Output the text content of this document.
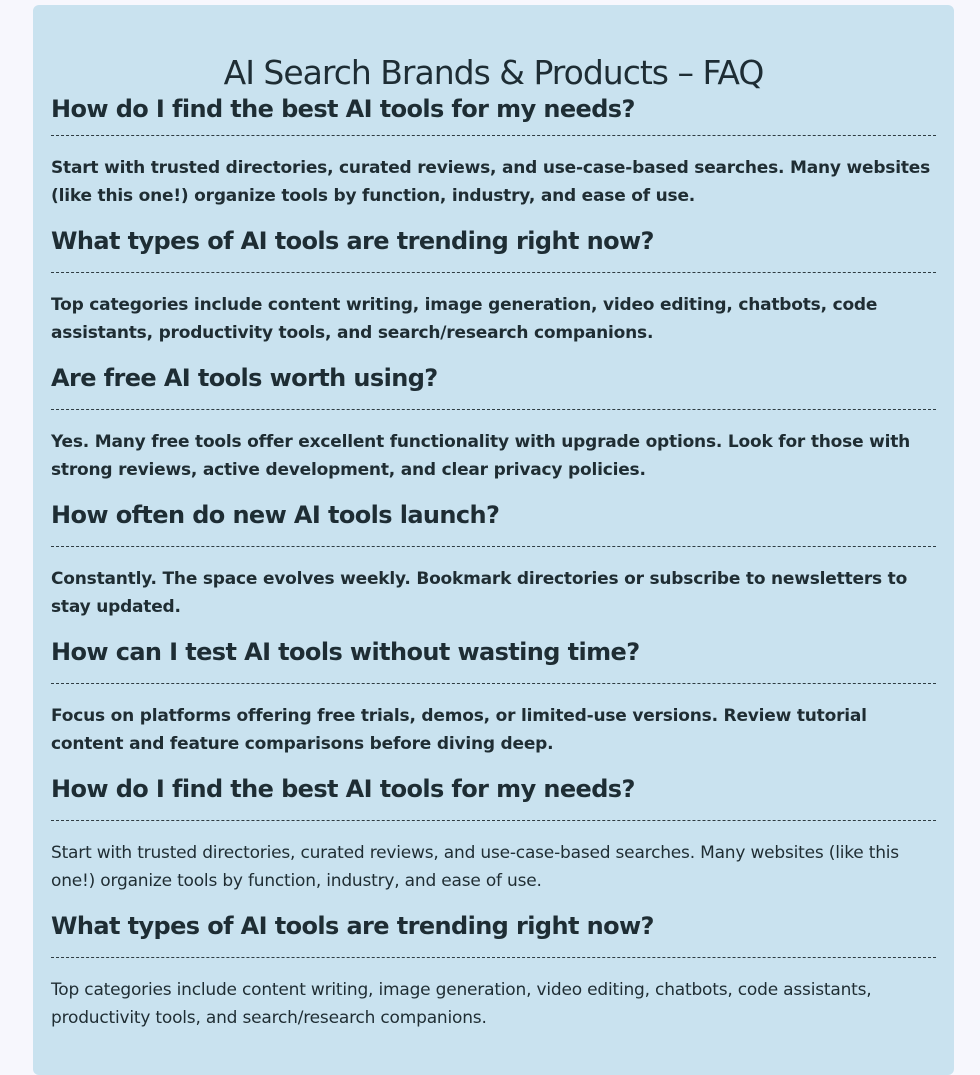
AI Search Brands & Products – FAQ
How do I find the best AI tools for my needs?

Start with trusted directories, curated reviews, and use-case-based searches. Many websites (like this one!) organize tools by function, industry, and ease of use.

What types of AI tools are trending right now?

Top categories include content writing, image generation, video editing, chatbots, code assistants, productivity tools, and search/research companions.

Are free AI tools worth using?

Yes. Many free tools offer excellent functionality with upgrade options. Look for those with strong reviews, active development, and clear privacy policies.

How often do new AI tools launch?

Constantly. The space evolves weekly. Bookmark directories or subscribe to newsletters to stay updated.

How can I test AI tools without wasting time?

Focus on platforms offering free trials, demos, or limited-use versions. Review tutorial content and feature comparisons before diving deep.

How do I find the best AI tools for my needs?

Start with trusted directories, curated reviews, and use-case-based searches. Many websites (like this one!) organize tools by function, industry, and ease of use.

What types of AI tools are trending right now?

Top categories include content writing, image generation, video editing, chatbots, code assistants, productivity tools, and search/research companions.
